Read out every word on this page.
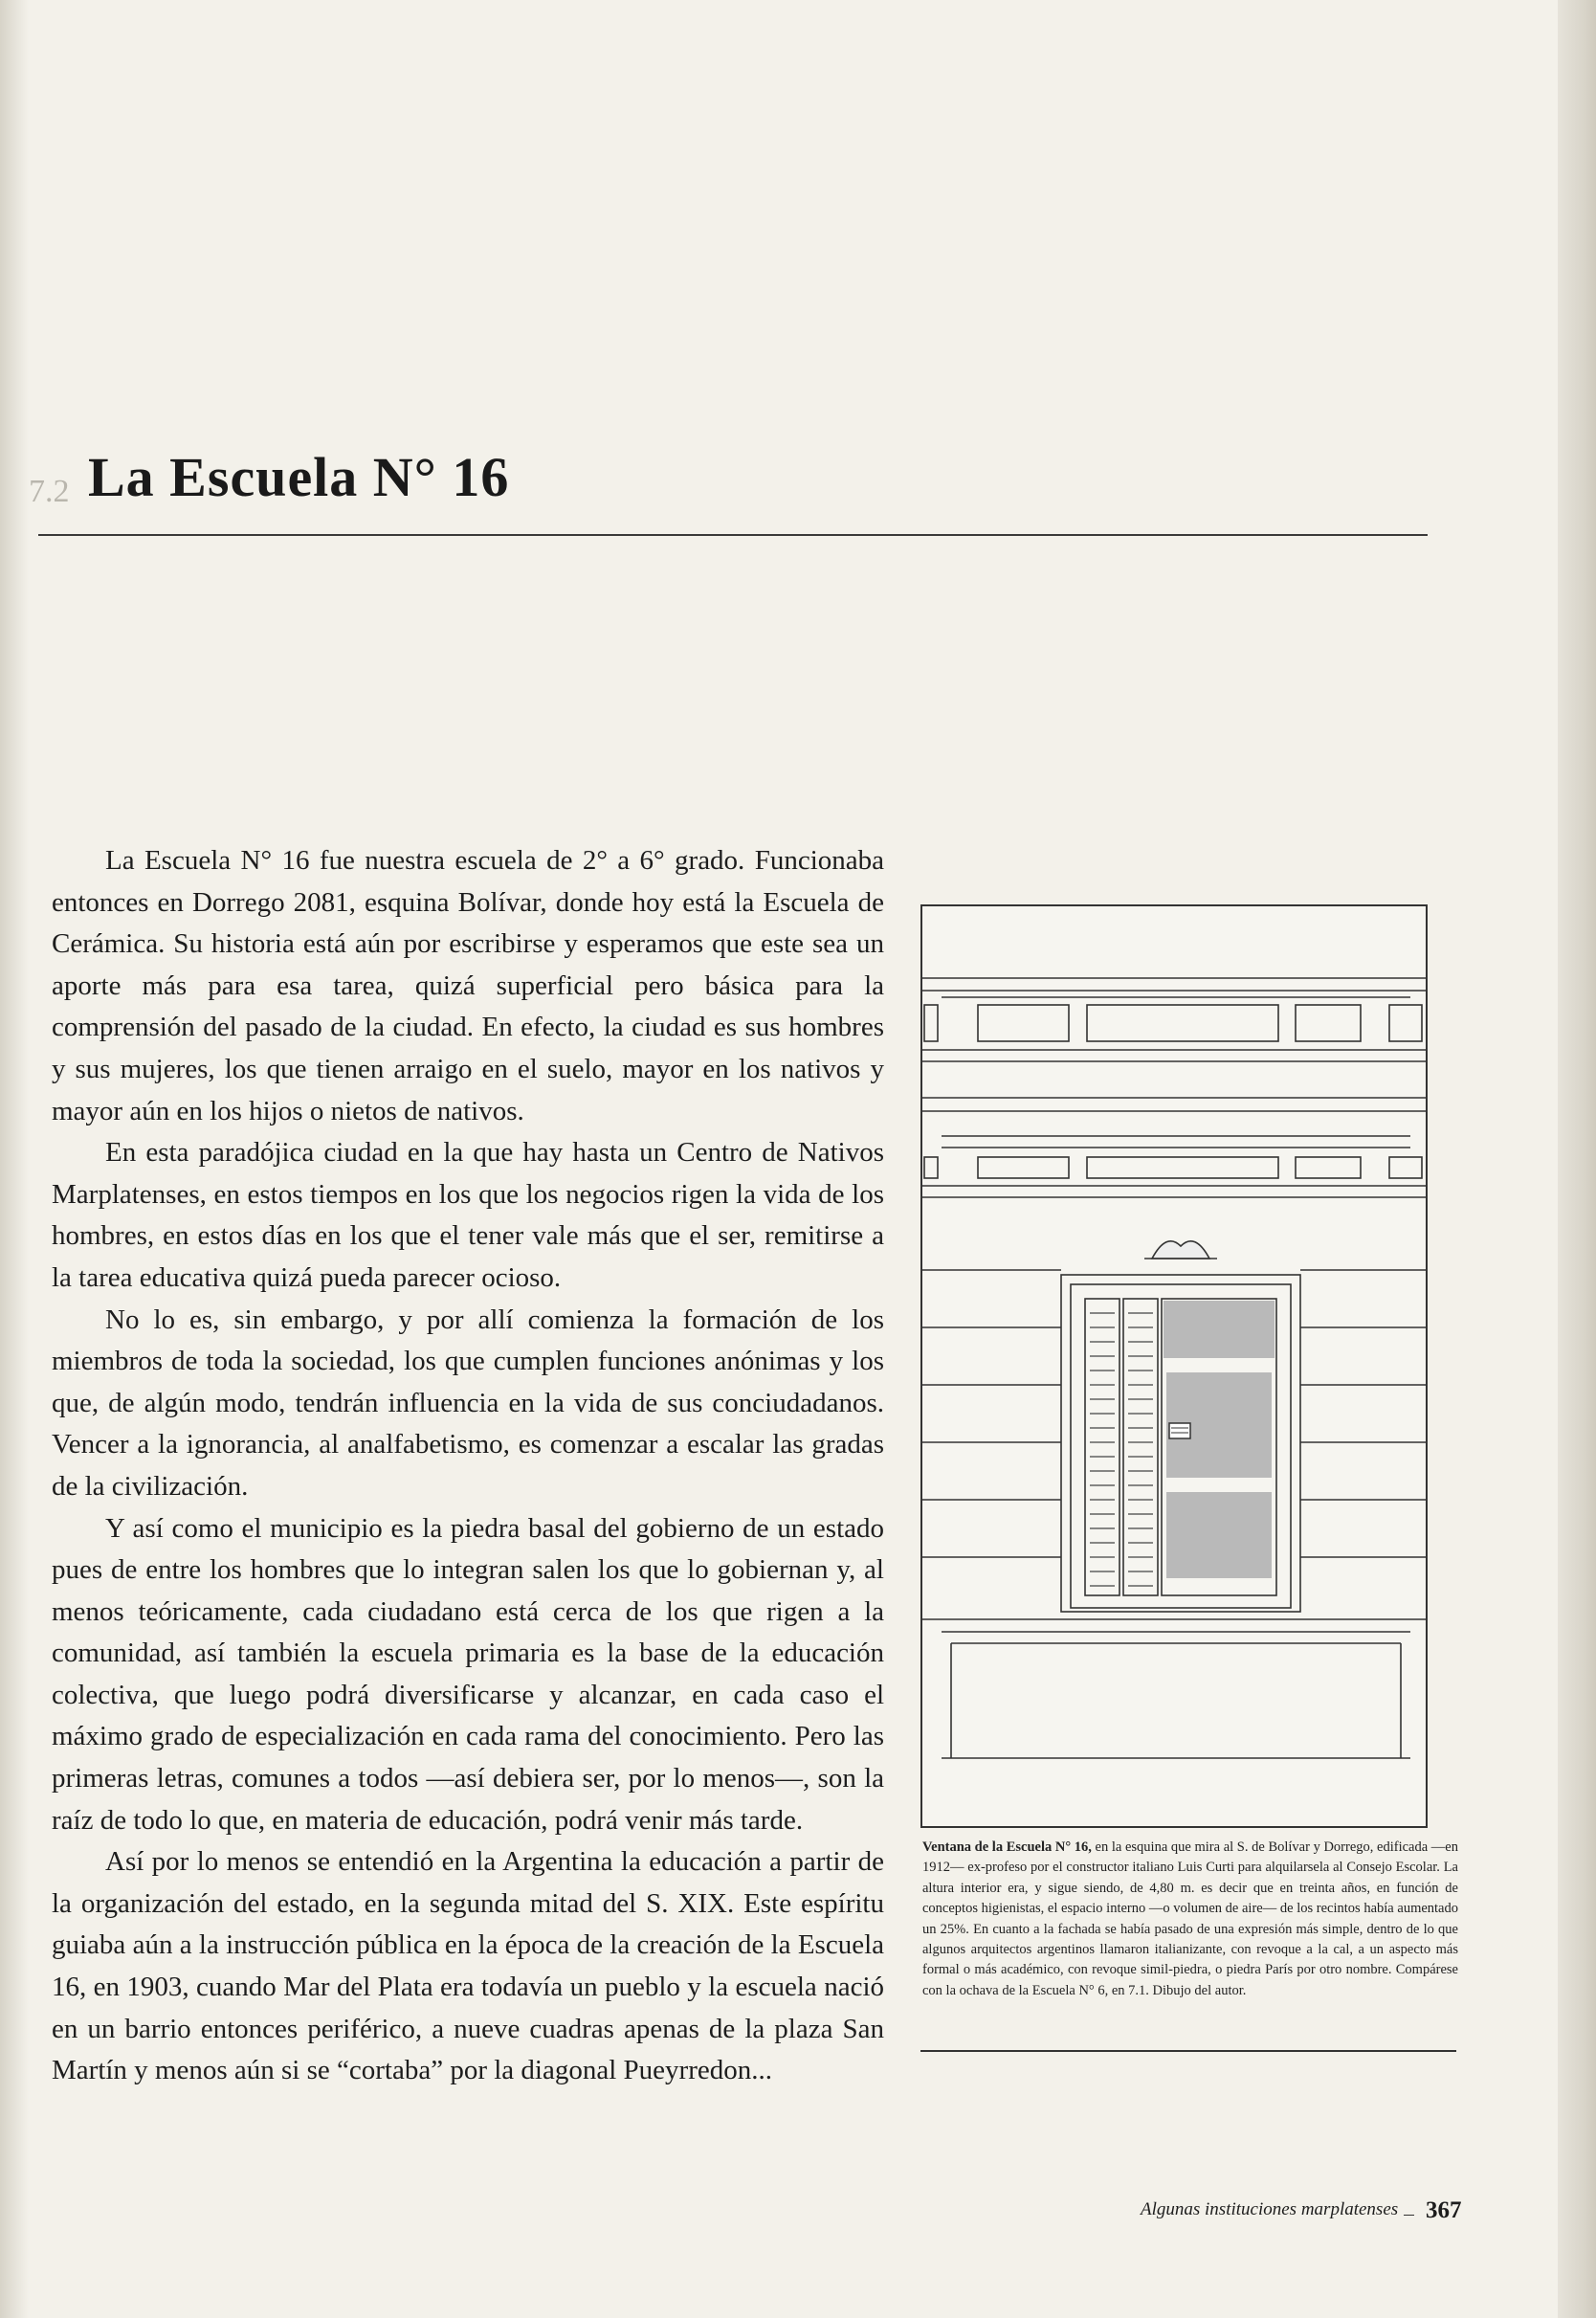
7.2 La Escuela N° 16

La Escuela N° 16 fue nuestra escuela de 2° a 6° grado. Funcionaba entonces en Dorrego 2081, esquina Bolívar, donde hoy está la Escuela de Cerámica. Su historia está aún por escribirse y esperamos que este sea un aporte más para esa tarea, quizá superficial pero básica para la comprensión del pasado de la ciudad. En efecto, la ciudad es sus hombres y sus mujeres, los que tienen arraigo en el suelo, mayor en los nativos y mayor aún en los hijos o nietos de nativos.

En esta paradójica ciudad en la que hay hasta un Centro de Nativos Marplatenses, en estos tiempos en los que los negocios rigen la vida de los hombres, en estos días en los que el tener vale más que el ser, remitirse a la tarea educativa quizá pueda parecer ocioso.

No lo es, sin embargo, y por allí comienza la formación de los miembros de toda la sociedad, los que cumplen funciones anónimas y los que, de algún modo, tendrán influencia en la vida de sus conciudadanos. Vencer a la ignorancia, al analfabetismo, es comenzar a escalar las gradas de la civilización.

Y así como el municipio es la piedra basal del gobierno de un estado pues de entre los hombres que lo integran salen los que lo gobiernan y, al menos teóricamente, cada ciudadano está cerca de los que rigen a la comunidad, así también la escuela primaria es la base de la educación colectiva, que luego podrá diversificarse y alcanzar, en cada caso el máximo grado de especialización en cada rama del conocimiento. Pero las primeras letras, comunes a todos —así debiera ser, por lo menos—, son la raíz de todo lo que, en materia de educación, podrá venir más tarde.

Así por lo menos se entendió en la Argentina la educación a partir de la organización del estado, en la segunda mitad del S. XIX. Este espíritu guiaba aún a la instrucción pública en la época de la creación de la Escuela 16, en 1903, cuando Mar del Plata era todavía un pueblo y la escuela nació en un barrio entonces periférico, a nueve cuadras apenas de la plaza San Martín y menos aún si se “cortaba” por la diagonal Pueyrredon...

Ventana de la Escuela N° 16, en la esquina que mira al S. de Bolívar y Dorrego, edificada —en 1912— ex-profeso por el constructor italiano Luis Curti para alquilarsela al Consejo Escolar. La altura interior era, y sigue siendo, de 4,80 m. es decir que en treinta años, en función de conceptos higienistas, el espacio interno —o volumen de aire— de los recintos había aumentado un 25%. En cuanto a la fachada se había pasado de una expresión más simple, dentro de lo que algunos arquitectos argentinos llamaron italianizante, con revoque a la cal, a un aspecto más formal o más académico, con revoque simil-piedra, o piedra París por otro nombre. Compárese con la ochava de la Escuela N° 6, en 7.1. Dibujo del autor.
Algunas instituciones marplatenses 367
